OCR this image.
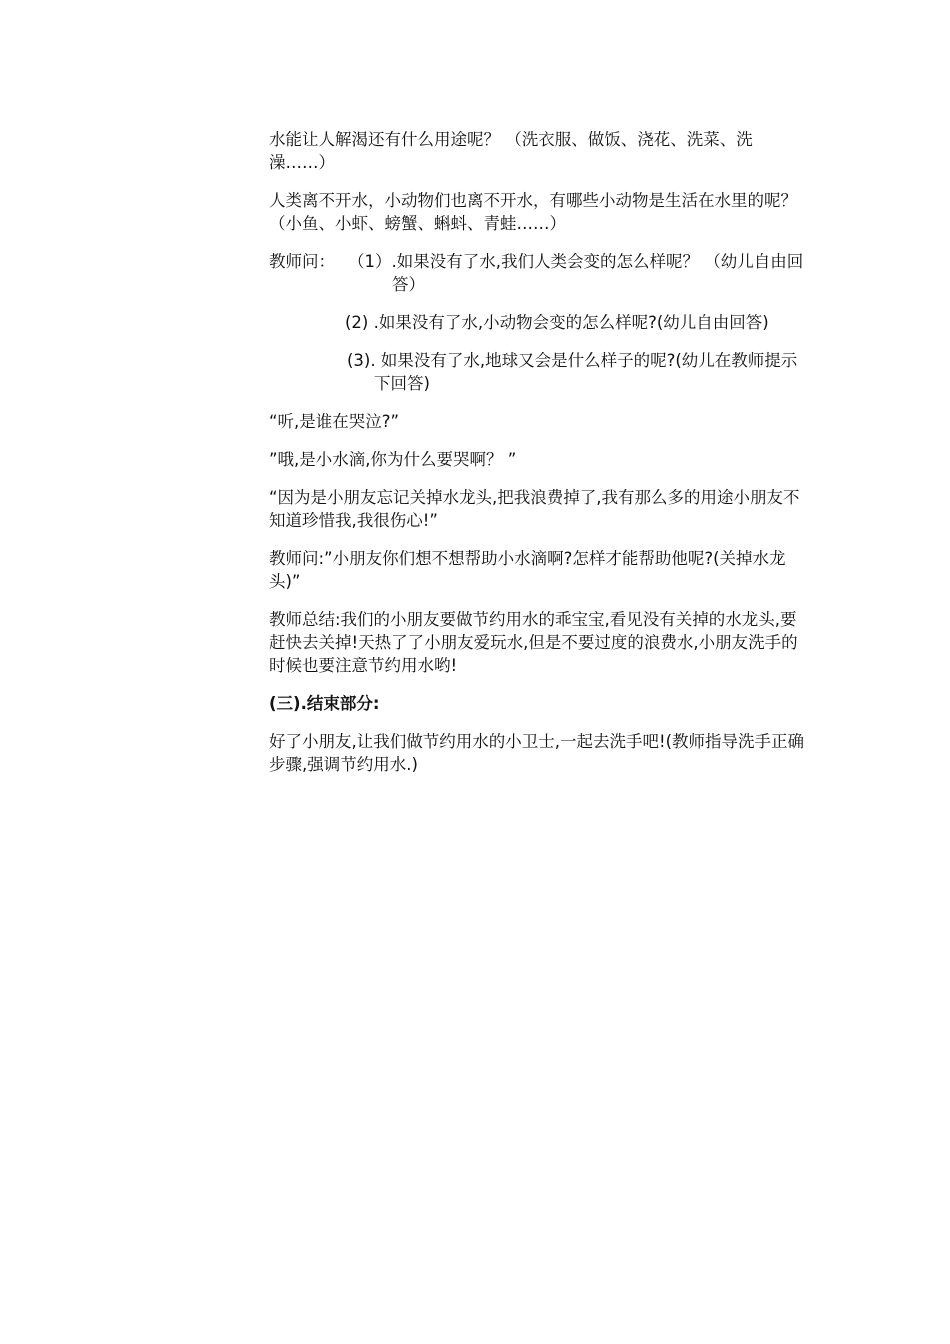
水能让人解渴还有什么用途呢？ （洗衣服、做饭、浇花、洗菜、洗澡……）

人类离不开水，小动物们也离不开水，有哪些小动物是生活在水里的呢？ （小鱼、小虾、螃蟹、蝌蚪、青蛙……）

教师问： （1）.如果没有了水,我们人类会变的怎么样呢？ （幼儿自由回答）

(2) .如果没有了水,小动物会变的怎么样呢?(幼儿自由回答)

(3). 如果没有了水,地球又会是什么样子的呢?(幼儿在教师提示下回答)

“听,是谁在哭泣?”

”哦,是小水滴,你为什么要哭啊？ ”

“因为是小朋友忘记关掉水龙头,把我浪费掉了,我有那么多的用途小朋友不知道珍惜我,我很伤心!”

教师问:”小朋友你们想不想帮助小水滴啊?怎样才能帮助他呢?(关掉水龙头)”

教师总结:我们的小朋友要做节约用水的乖宝宝,看见没有关掉的水龙头,要赶快去关掉!天热了了小朋友爱玩水,但是不要过度的浪费水,小朋友洗手的时候也要注意节约用水哟!

(三).结束部分:

好了小朋友,让我们做节约用水的小卫士,一起去洗手吧!(教师指导洗手正确步骤,强调节约用水.)
